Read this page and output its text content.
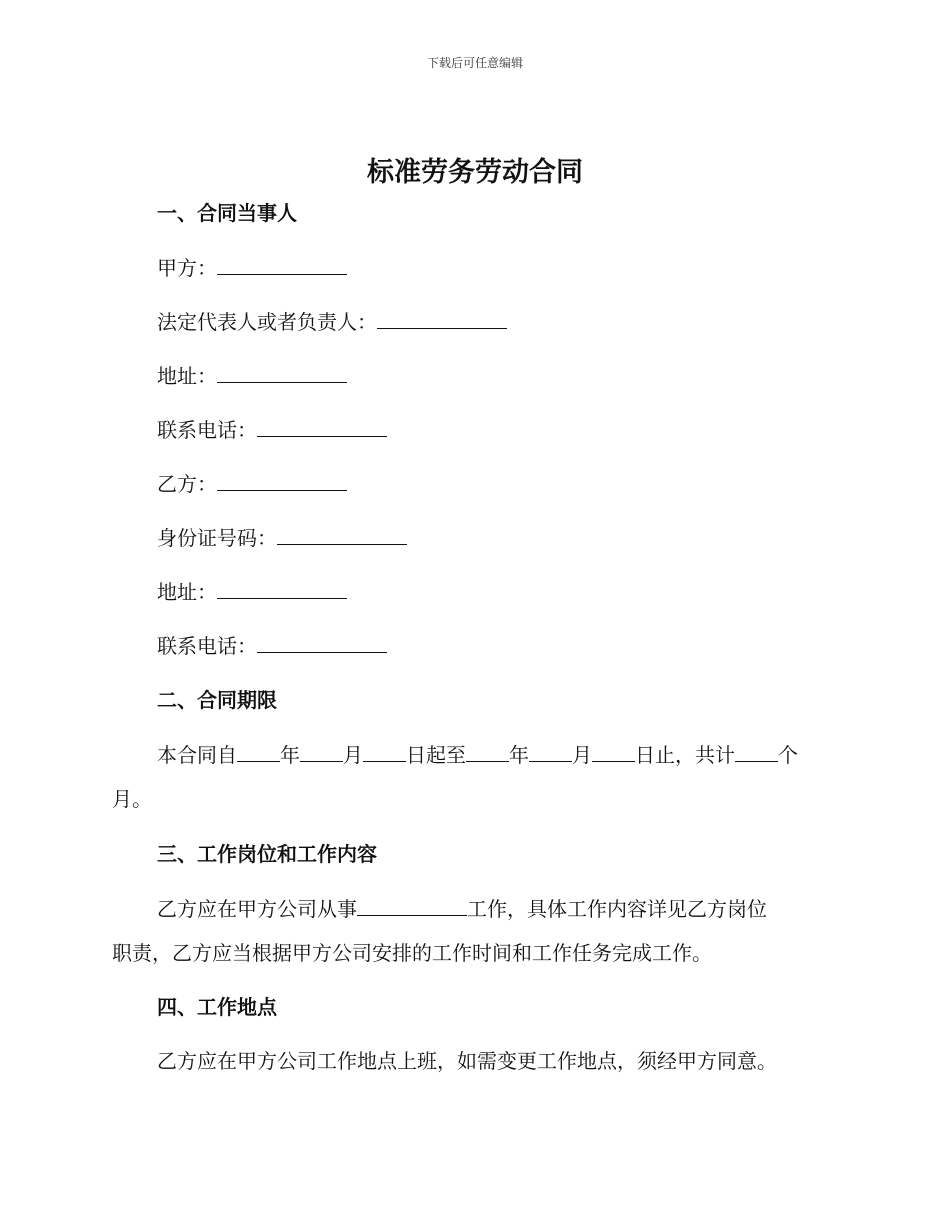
下载后可任意编辑
标准劳务劳动合同
一、合同当事人
甲方：
法定代表人或者负责人：
地址：
联系电话：
乙方：
身份证号码：
地址：
联系电话：
二、合同期限
本合同自 年 月 日起至 年 月 日止，共计 个
月。
三、工作岗位和工作内容
乙方应在甲方公司从事	工作，具体工作内容详见乙方岗位
职责，乙方应当根据甲方公司安排的工作时间和工作任务完成工作。
四、工作地点
乙方应在甲方公司工作地点上班，如需变更工作地点，须经甲方同意。
